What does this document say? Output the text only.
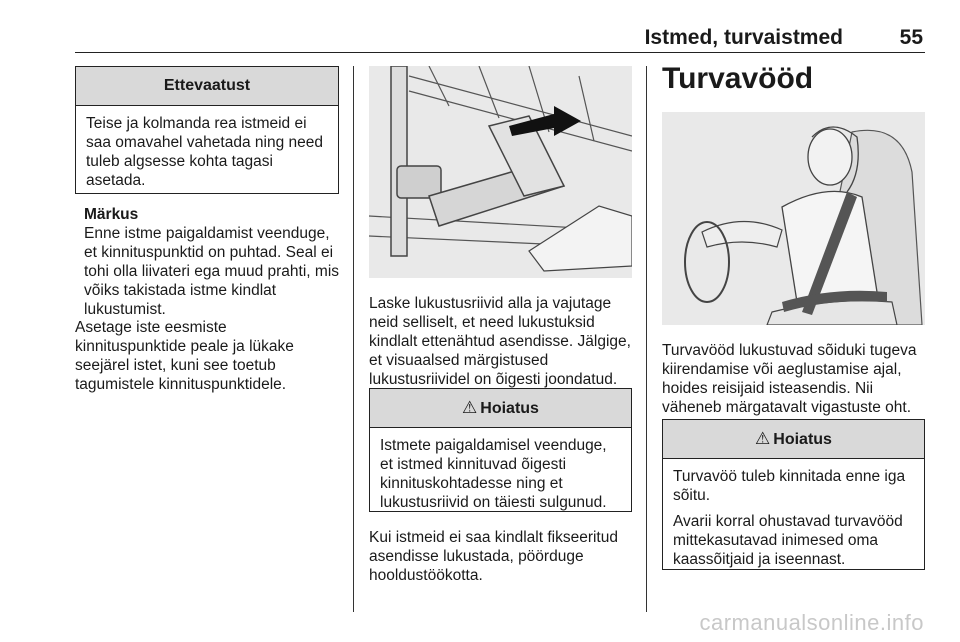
Istmed, turvaistmed	55
Ettevaatust

Teise ja kolmanda rea istmeid ei saa omavahel vahetada ning need tuleb algsesse kohta tagasi asetada.

Märkus

Enne istme paigaldamist veenduge, et kinnituspunktid on puhtad. Seal ei tohi olla liivateri ega muud prahti, mis võiks takistada istme kindlat lukustumist.

Asetage iste eesmiste kinnituspunktide peale ja lükake seejärel istet, kuni see toetub tagumistele kinnituspunktidele.

Laske lukustusriivid alla ja vajutage neid selliselt, et need lukustuksid kindlalt ettenähtud asendisse. Jälgige, et visuaalsed märgistused lukustusriividel on õigesti joondatud.

⚠ Hoiatus

Istmete paigaldamisel veenduge, et istmed kinnituvad õigesti kinnituskohtadesse ning et lukustusriivid on täiesti sulgunud.

Kui istmeid ei saa kindlalt fikseeritud asendisse lukustada, pöörduge hooldustöökotta.

Turvavööd

Turvavööd lukustuvad sõiduki tugeva kiirendamise või aeglustamise ajal, hoides reisijaid isteasendis. Nii väheneb märgatavalt vigastuste oht.

⚠ Hoiatus

Turvavöö tuleb kinnitada enne iga sõitu.

Avarii korral ohustavad turvavööd mittekasutavad inimesed oma kaassõitjaid ja iseennast.

carmanualsonline.info
